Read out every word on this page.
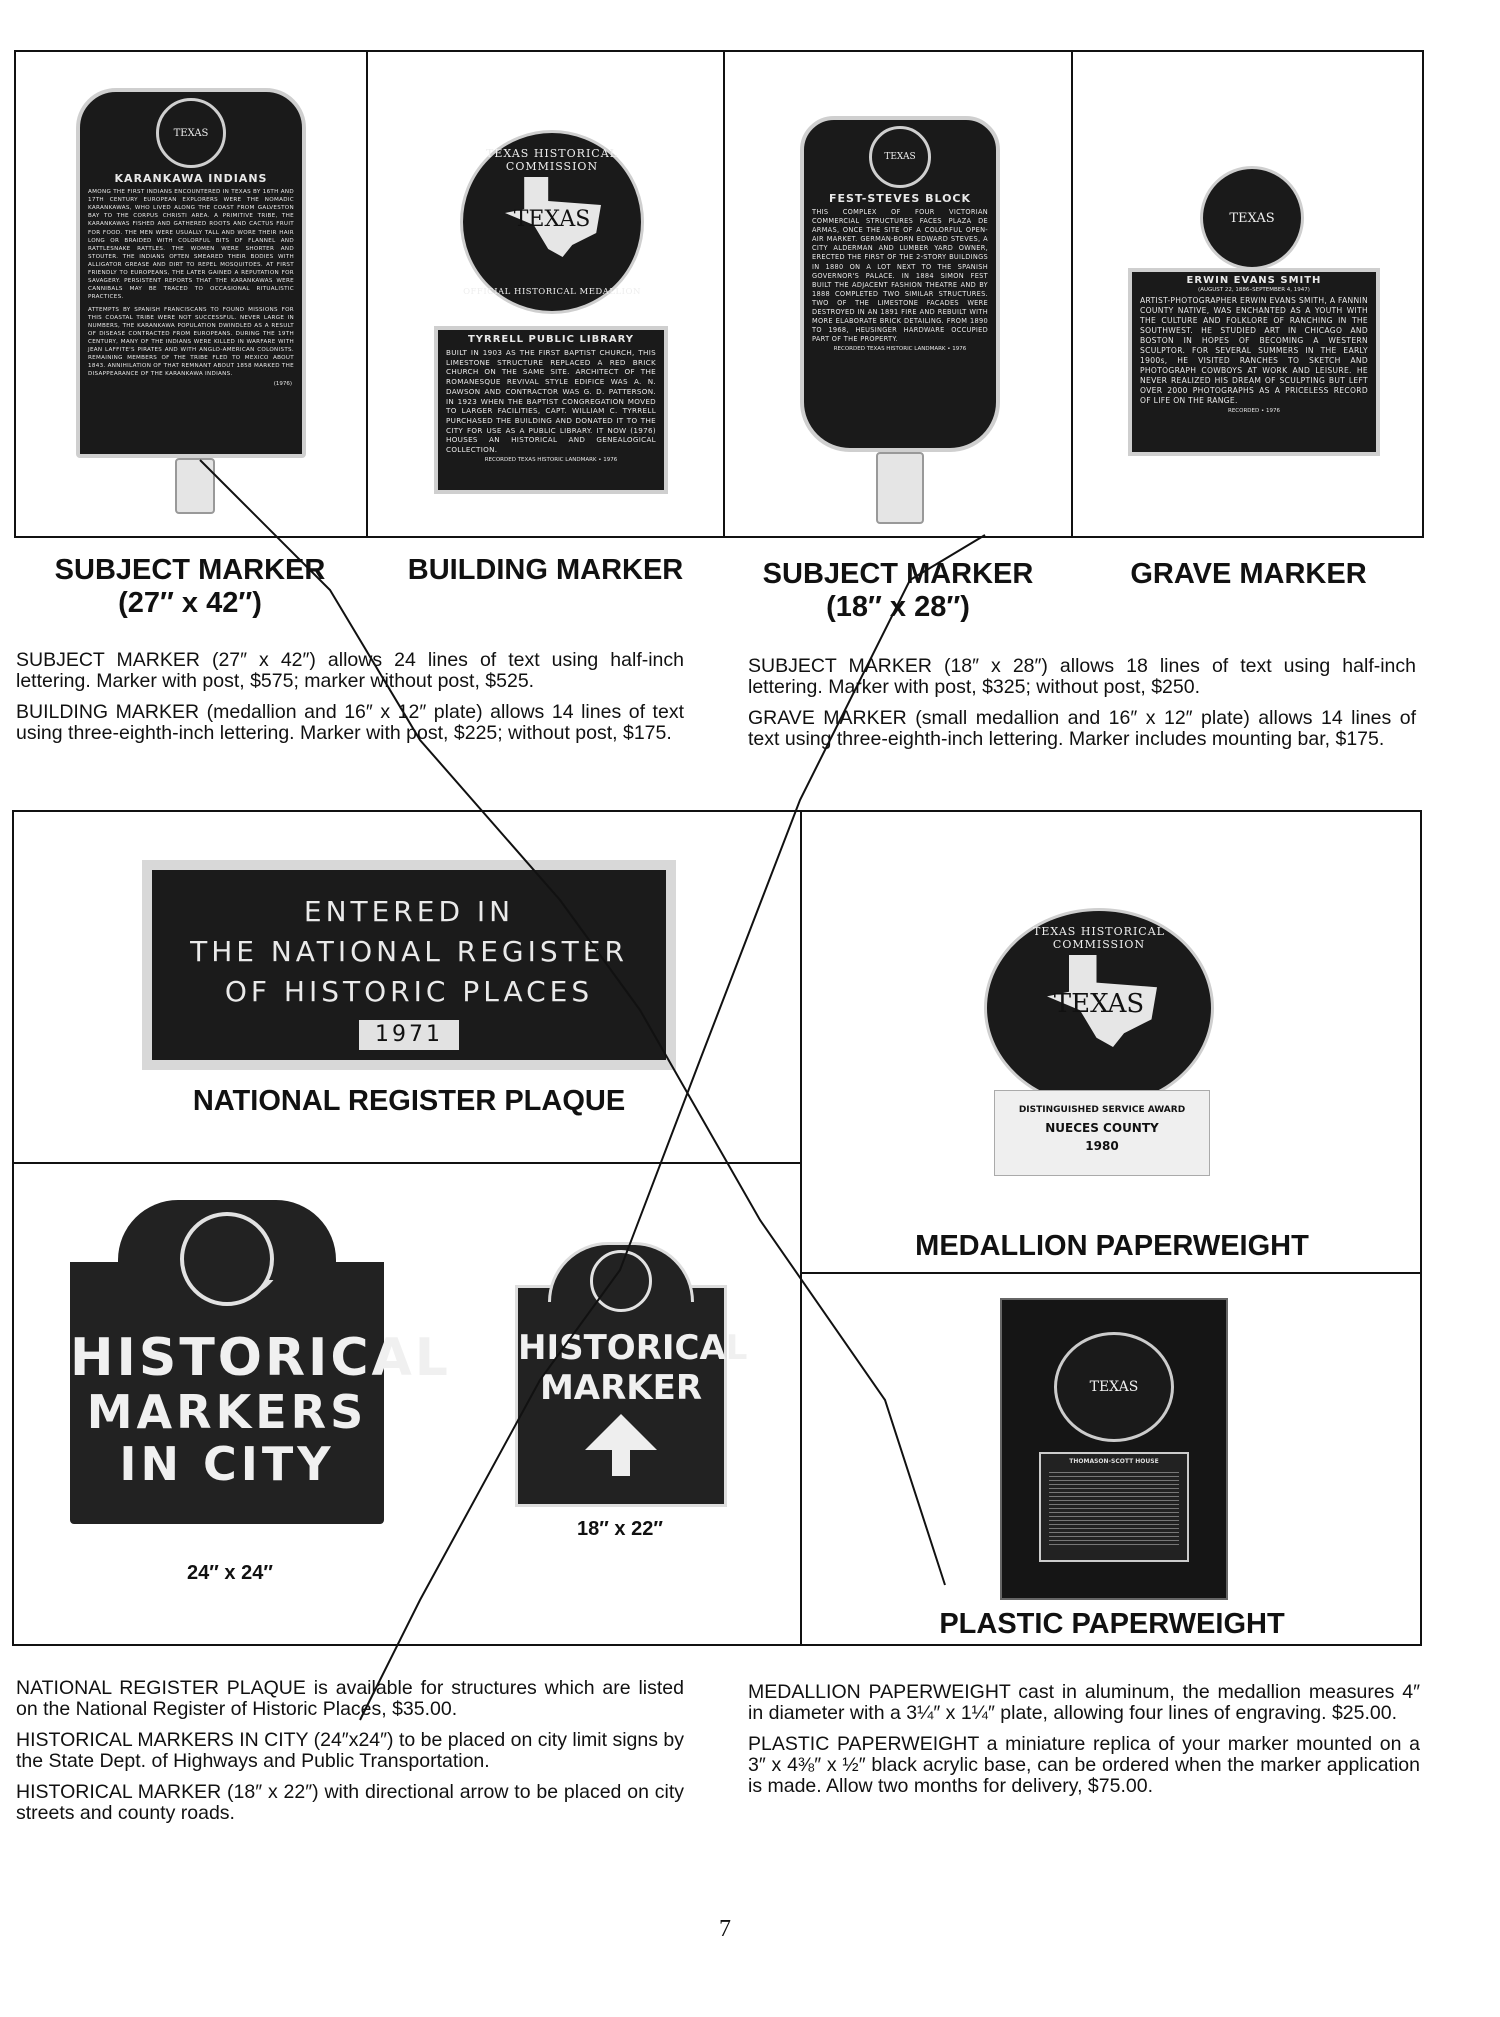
TEXAS
KARANKAWA INDIANS
AMONG THE FIRST INDIANS ENCOUNTERED IN TEXAS BY 16TH AND 17TH CENTURY EUROPEAN EXPLORERS WERE THE NOMADIC KARANKAWAS, WHO LIVED ALONG THE COAST FROM GALVESTON BAY TO THE CORPUS CHRISTI AREA. A PRIMITIVE TRIBE, THE KARANKAWAS FISHED AND GATHERED ROOTS AND CACTUS FRUIT FOR FOOD. THE MEN WERE USUALLY TALL AND WORE THEIR HAIR LONG OR BRAIDED WITH COLORFUL BITS OF FLANNEL AND RATTLESNAKE RATTLES. THE WOMEN WERE SHORTER AND STOUTER. THE INDIANS OFTEN SMEARED THEIR BODIES WITH ALLIGATOR GREASE AND DIRT TO REPEL MOSQUITOES. AT FIRST FRIENDLY TO EUROPEANS, THE LATER GAINED A REPUTATION FOR SAVAGERY. PERSISTENT REPORTS THAT THE KARANKAWAS WERE CANNIBALS MAY BE TRACED TO OCCASIONAL RITUALISTIC PRACTICES.
ATTEMPTS BY SPANISH FRANCISCANS TO FOUND MISSIONS FOR THIS COASTAL TRIBE WERE NOT SUCCESSFUL. NEVER LARGE IN NUMBERS, THE KARANKAWA POPULATION DWINDLED AS A RESULT OF DISEASE CONTRACTED FROM EUROPEANS. DURING THE 19TH CENTURY, MANY OF THE INDIANS WERE KILLED IN WARFARE WITH JEAN LAFFITE'S PIRATES AND WITH ANGLO-AMERICAN COLONISTS. REMAINING MEMBERS OF THE TRIBE FLED TO MEXICO ABOUT 1843. ANNIHILATION OF THAT REMNANT ABOUT 1858 MARKED THE DISAPPEARANCE OF THE KARANKAWA INDIANS.
(1976)
TEXAS HISTORICAL COMMISSION
TEXAS
OFFICIAL HISTORICAL MEDALLION
TYRRELL PUBLIC LIBRARY
BUILT IN 1903 AS THE FIRST BAPTIST CHURCH, THIS LIMESTONE STRUCTURE REPLACED A RED BRICK CHURCH ON THE SAME SITE. ARCHITECT OF THE ROMANESQUE REVIVAL STYLE EDIFICE WAS A. N. DAWSON AND CONTRACTOR WAS G. D. PATTERSON. IN 1923 WHEN THE BAPTIST CONGREGATION MOVED TO LARGER FACILITIES, CAPT. WILLIAM C. TYRRELL PURCHASED THE BUILDING AND DONATED IT TO THE CITY FOR USE AS A PUBLIC LIBRARY. IT NOW (1976) HOUSES AN HISTORICAL AND GENEALOGICAL COLLECTION.
RECORDED TEXAS HISTORIC LANDMARK • 1976
TEXAS
FEST-STEVES BLOCK
THIS COMPLEX OF FOUR VICTORIAN COMMERCIAL STRUCTURES FACES PLAZA DE ARMAS, ONCE THE SITE OF A COLORFUL OPEN-AIR MARKET. GERMAN-BORN EDWARD STEVES, A CITY ALDERMAN AND LUMBER YARD OWNER, ERECTED THE FIRST OF THE 2-STORY BUILDINGS IN 1880 ON A LOT NEXT TO THE SPANISH GOVERNOR'S PALACE. IN 1884 SIMON FEST BUILT THE ADJACENT FASHION THEATRE AND BY 1888 COMPLETED TWO SIMILAR STRUCTURES. TWO OF THE LIMESTONE FACADES WERE DESTROYED IN AN 1891 FIRE AND REBUILT WITH MORE ELABORATE BRICK DETAILING. FROM 1890 TO 1968, HEUSINGER HARDWARE OCCUPIED PART OF THE PROPERTY.
RECORDED TEXAS HISTORIC LANDMARK • 1976
TEXAS
ERWIN EVANS SMITH
(AUGUST 22, 1886–SEPTEMBER 4, 1947)
ARTIST-PHOTOGRAPHER ERWIN EVANS SMITH, A FANNIN COUNTY NATIVE, WAS ENCHANTED AS A YOUTH WITH THE CULTURE AND FOLKLORE OF RANCHING IN THE SOUTHWEST. HE STUDIED ART IN CHICAGO AND BOSTON IN HOPES OF BECOMING A WESTERN SCULPTOR. FOR SEVERAL SUMMERS IN THE EARLY 1900s, HE VISITED RANCHES TO SKETCH AND PHOTOGRAPH COWBOYS AT WORK AND LEISURE. HE NEVER REALIZED HIS DREAM OF SCULPTING BUT LEFT OVER 2000 PHOTOGRAPHS AS A PRICELESS RECORD OF LIFE ON THE RANGE.
RECORDED • 1976
SUBJECT MARKER
(27″ x 42″)
BUILDING MARKER	SUBJECT MARKER
(18″ x 28″)
GRAVE MARKER

SUBJECT MARKER (27″ x 42″) allows 24 lines of text using half-inch lettering. Marker with post, $575; marker without post, $525.

BUILDING MARKER (medallion and 16″ x 12″ plate) allows 14 lines of text using three-eighth-inch lettering. Marker with post, $225; without post, $175.

SUBJECT MARKER (18″ x 28″) allows 18 lines of text using half-inch lettering. Marker with post, $325; without post, $250.

GRAVE MARKER (small medallion and 16″ x 12″ plate) allows 14 lines of text using three-eighth-inch lettering. Marker includes mounting bar, $175.

ENTERED IN
THE NATIONAL REGISTER
OF HISTORIC PLACES
1971
NATIONAL REGISTER PLAQUE
TEXAS HISTORICAL COMMISSION
TEXAS
DISTINGUISHED SERVICE AWARD
NUECES COUNTY
1980
MEDALLION PAPERWEIGHT
HISTORICAL
MARKERS
IN CITY
24″ x 24″
HISTORICAL
MARKER
18″ x 22″
TEXAS
THOMASON-SCOTT HOUSE
PLASTIC PAPERWEIGHT

NATIONAL REGISTER PLAQUE is available for structures which are listed on the National Register of Historic Places, $35.00.

HISTORICAL MARKERS IN CITY (24″x24″) to be placed on city limit signs by the State Dept. of Highways and Public Transportation.

HISTORICAL MARKER (18″ x 22″) with directional arrow to be placed on city streets and county roads.

MEDALLION PAPERWEIGHT cast in aluminum, the medallion measures 4″ in diameter with a 3¼″ x 1¼″ plate, allowing four lines of engraving. $25.00.

PLASTIC PAPERWEIGHT a miniature replica of your marker mounted on a 3″ x 4⅜″ x ½″ black acrylic base, can be ordered when the marker application is made. Allow two months for delivery, $75.00.

7
